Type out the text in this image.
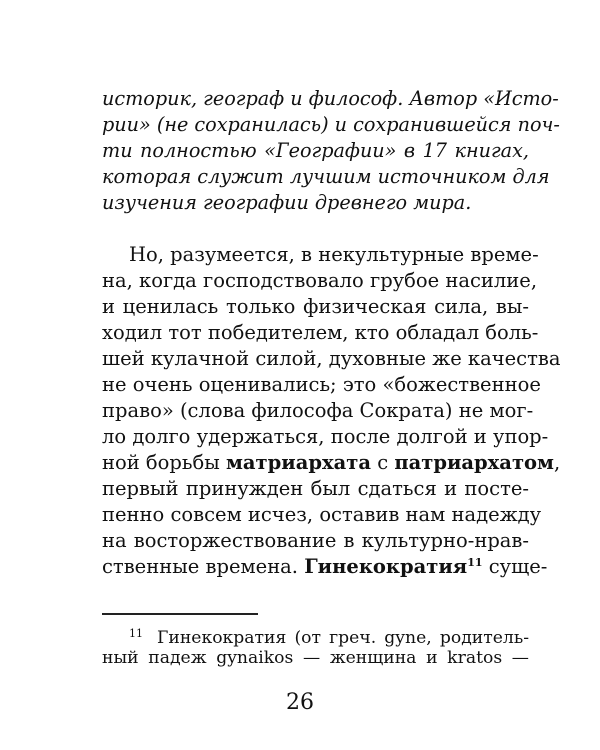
историк, географ и философ. Автор «Исто-
рии» (не сохранилась) и сохранившейся поч-
ти полностью «Географии» в 17 книгах,
которая служит лучшим источником для
изучения географии древнего мира.
Но, разумеется, в некультурные време-
на, когда господствовало грубое насилие,
и ценилась только физическая сила, вы-
ходил тот победителем, кто обладал боль-
шей кулачной силой, духовные же качества
не очень оценивались; это «божественное
право» (слова философа Сократа) не мог-
ло долго удержаться, после долгой и упор-
ной борьбы матриархата с патриархатом,
первый принужден был сдаться и посте-
пенно совсем исчез, оставив нам надежду
на восторжествование в культурно-нрав-
ственные времена. Гинекократия$^{11}$ суще-
$^{11}$ Гинекократия (от греч. gyne, родитель-
ный падеж gynaikos — женщина и kratos —
26
